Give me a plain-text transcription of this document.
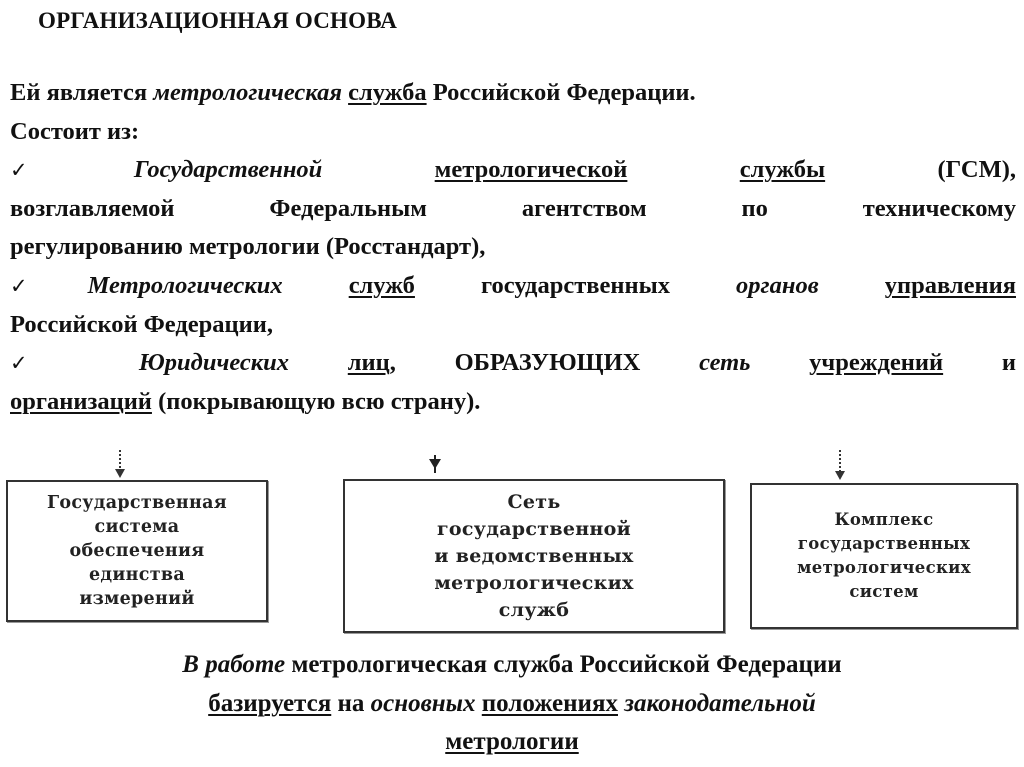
ОРГАНИЗАЦИОННАЯ ОСНОВА

Ей является метрологическая служба Российской Федерации.

Состоит из:

✓Государственной	метрологической	службы	(ГСМ),

возглавляемой Федеральным агентством по техническому

регулированию метрологии (Росстандарт),

✓Метрологических	служб государственных органов	управления

Российской Федерации,

✓ Юридических лиц, ОБРАЗУЮЩИХ сеть учреждений и

организаций (покрывающую всю страну).

Государственная
система
обеспечения
единства
измерений
Сеть
государственной
и ведомственных
метрологических
служб
Комплекс
государственных
метрологических
систем

В работе метрологическая служба Российской Федерации

базируется на основных положениях законодательной

метрологии
